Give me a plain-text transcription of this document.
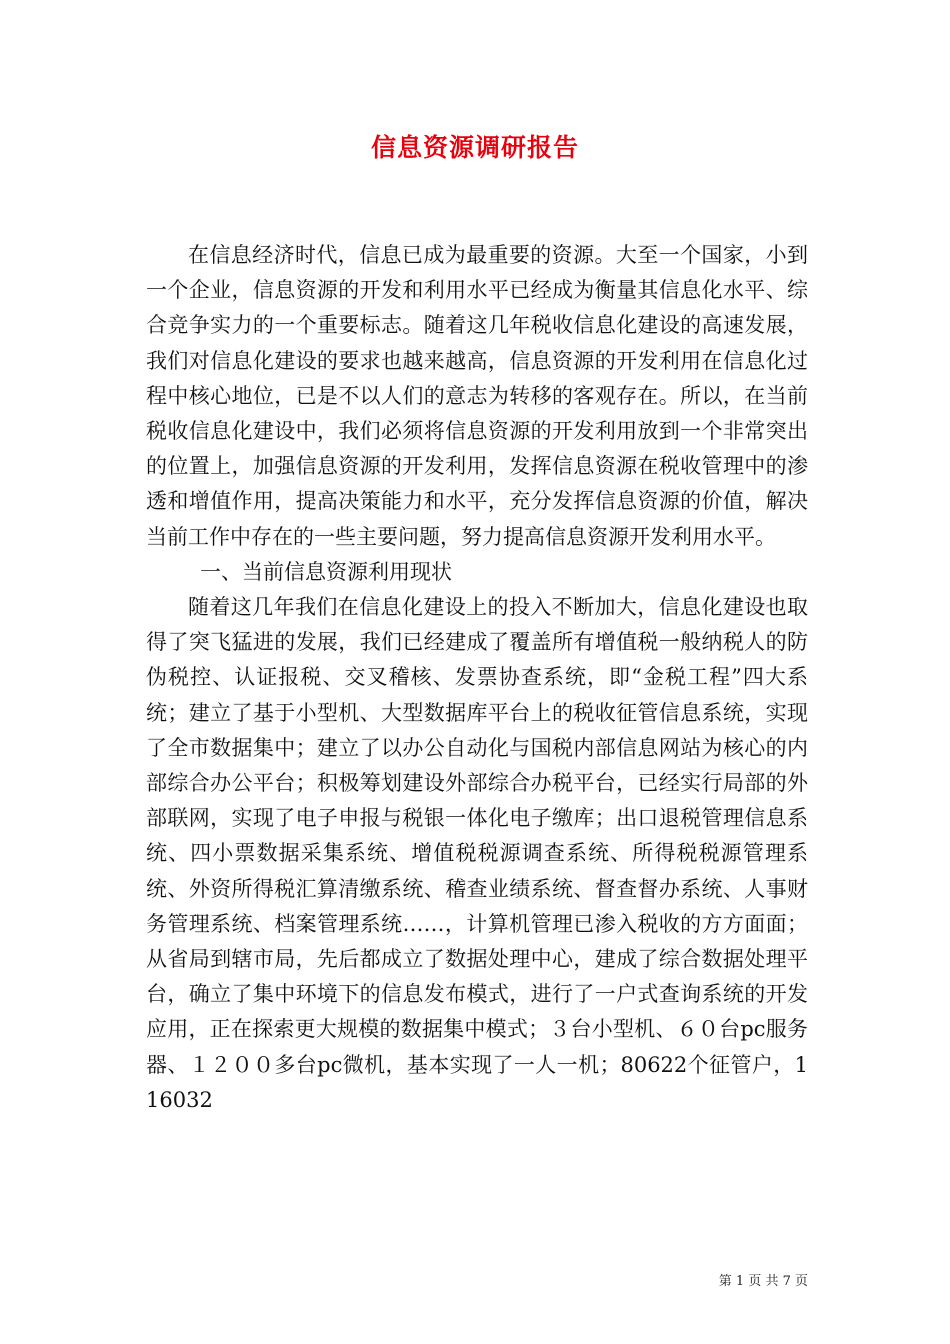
信息资源调研报告

在信息经济时代，信息已成为最重要的资源。大至一个国家，小到一个企业，信息资源的开发和利用水平已经成为衡量其信息化水平、综合竞争实力的一个重要标志。随着这几年税收信息化建设的高速发展，我们对信息化建设的要求也越来越高，信息资源的开发利用在信息化过程中核心地位，已是不以人们的意志为转移的客观存在。所以，在当前税收信息化建设中，我们必须将信息资源的开发利用放到一个非常突出的位置上，加强信息资源的开发利用，发挥信息资源在税收管理中的渗透和增值作用，提高决策能力和水平，充分发挥信息资源的价值，解决当前工作中存在的一些主要问题，努力提高信息资源开发利用水平。

一、当前信息资源利用现状

随着这几年我们在信息化建设上的投入不断加大，信息化建设也取得了突飞猛进的发展，我们已经建成了覆盖所有增值税一般纳税人的防伪税控、认证报税、交叉稽核、发票协查系统，即“金税工程”四大系统；建立了基于小型机、大型数据库平台上的税收征管信息系统，实现了全市数据集中；建立了以办公自动化与国税内部信息网站为核心的内部综合办公平台；积极筹划建设外部综合办税平台，已经实行局部的外部联网，实现了电子申报与税银一体化电子缴库；出口退税管理信息系统、四小票数据采集系统、增值税税源调查系统、所得税税源管理系统、外资所得税汇算清缴系统、稽查业绩系统、督查督办系统、人事财务管理系统、档案管理系统……，计算机管理已渗入税收的方方面面；从省局到辖市局，先后都成立了数据处理中心，建成了综合数据处理平台，确立了集中环境下的信息发布模式，进行了一户式查询系统的开发应用，正在探索更大规模的数据集中模式；３台小型机、６０台pc服务器、１２００多台pc微机，基本实现了一人一机；80622个征管户，116032

第 1 页 共 7 页
